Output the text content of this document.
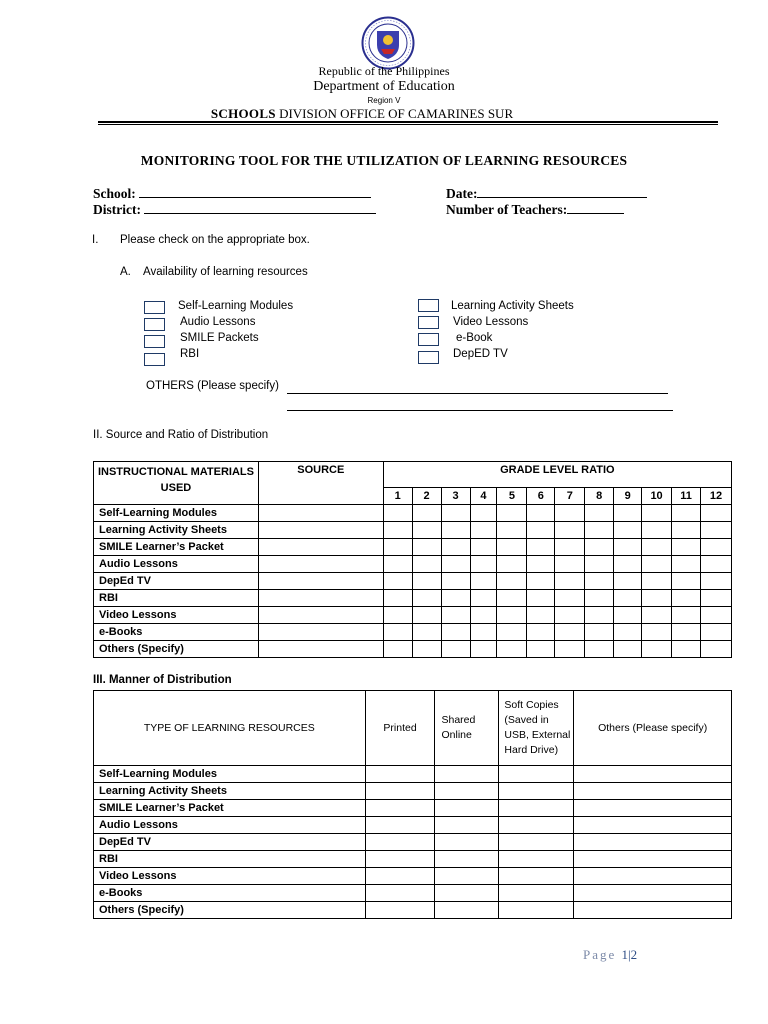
Republic of the Philippines
Department of Education
Region V
SCHOOLS DIVISION OFFICE OF CAMARINES SUR
MONITORING TOOL FOR THE UTILIZATION OF LEARNING RESOURCES
School:
District:
Date:
Number of Teachers:
I. Please check on the appropriate box.
A. Availability of learning resources
Self-Learning Modules
Audio Lessons
SMILE Packets
RBI
Learning Activity Sheets
Video Lessons
e-Book
DepED TV
OTHERS (Please specify)
II. Source and Ratio of Distribution
INSTRUCTIONAL MATERIALS USED	SOURCE	GRADE LEVEL RATIO											
		1	2	3	4	5	6	7	8	9	10	11	12
Self-Learning Modules													
Learning Activity Sheets													
SMILE Learner’s Packet													
Audio Lessons													
DepEd TV													
RBI													
Video Lessons													
e-Books													
Others (Specify)													
III. Manner of Distribution
TYPE OF LEARNING RESOURCES	Printed	Shared Online	Soft Copies (Saved in USB, External Hard Drive)	Others (Please specify)
Self-Learning Modules				
Learning Activity Sheets				
SMILE Learner’s Packet				
Audio Lessons				
DepEd TV				
RBI				
Video Lessons				
e-Books				
Others (Specify)				
Page 1|2
